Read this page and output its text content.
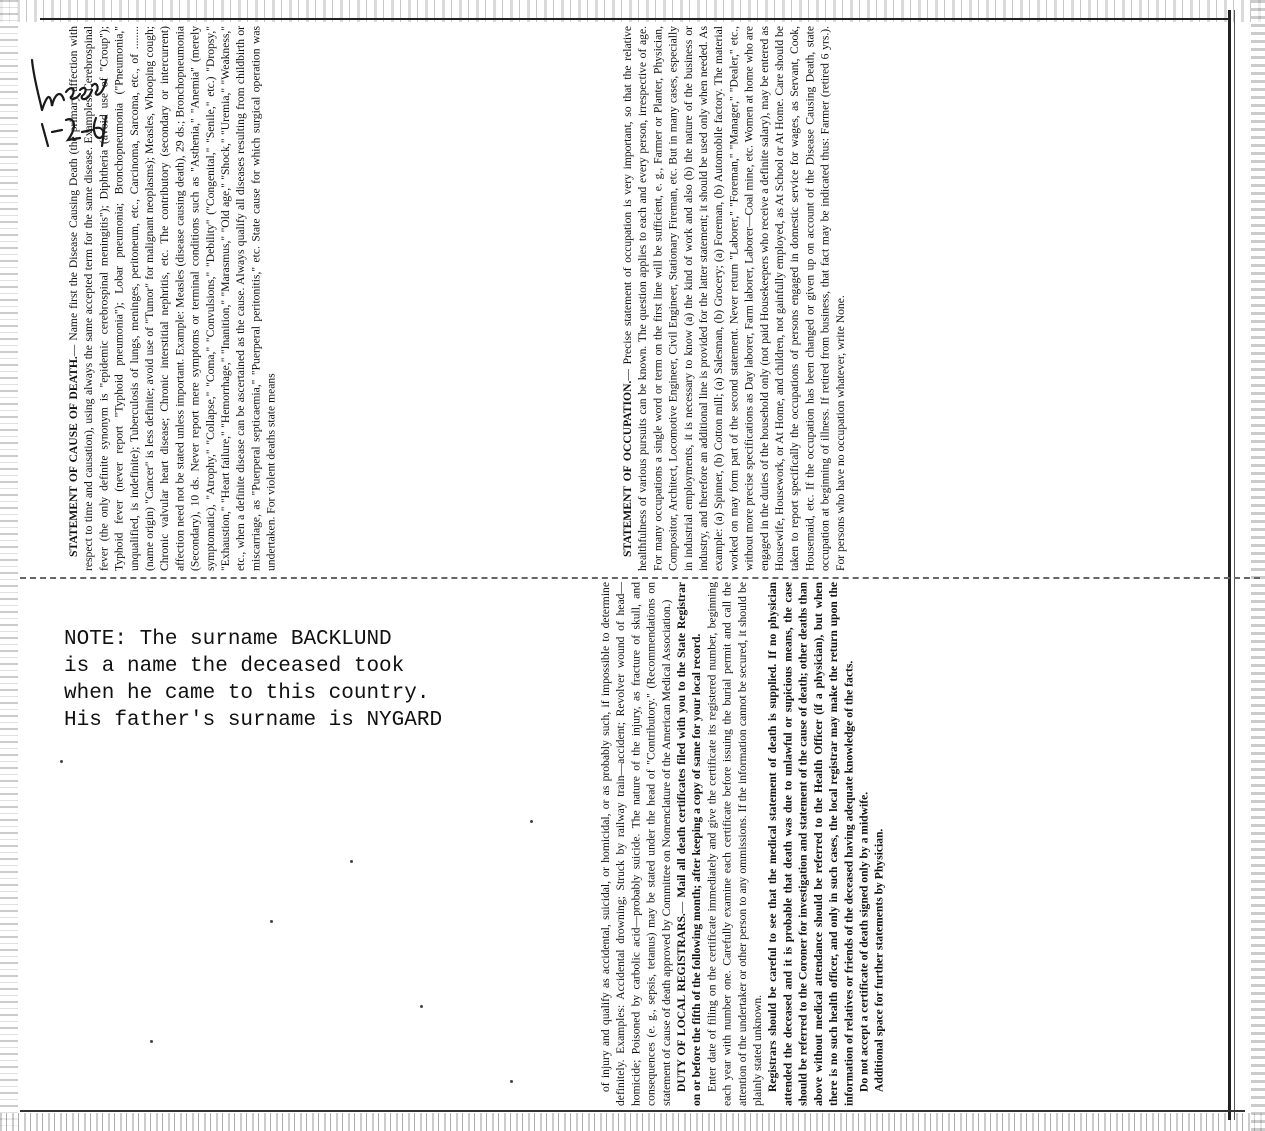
STATEMENT OF OCCUPATION.— Precise statement of occupation is very important, so that the relative healthfulness of various pursuits can be known. The question applies to each and every person, irrespective of age. For many occupations a single word or term on the first line will be sufficient, e. g., Farmer or Planter, Physician, Compositor, Architect, Locomotive Engineer, Civil Engineer, Stationary Fireman, etc. But in many cases, especially in industrial employments, it is necessary to know (a) the kind of work and also (b) the nature of the business or industry, and therefore an additional line is provided for the latter statement; it should be used only when needed. As example: (a) Spinner, (b) Cotton mill; (a) Salesman, (b) Grocery; (a) Foreman, (b) Automobile factory. The material worked on may form part of the second statement. Never return "Laborer," "Foreman," "Manager," "Dealer," etc., without more precise specifications as Day laborer, Farm laborer, Laborer—Coal mine, etc. Women at home who are engaged in the duties of the household only (not paid Housekeepers who receive a definite salary), may be entered as Housewife, Housework, or At Home, and children, not gainfully employed, as At School or At Home. Care should be taken to report specifically the occupations of persons engaged in domestic service for wages, as Servant, Cook, Housemaid, etc. If the occupation has been changed or given up on account of the Disease Causing Death, state occupation at beginning of illness. If retired from business, that fact may be indicated thus: Farmer (retired 6 yrs.). For persons who have no occupation whatever, write None.

STATEMENT OF CAUSE OF DEATH.— Name first the Disease Causing Death (the primary affection with respect to time and causation), using always the same accepted term for the same disease. Examples: Cerebrospinal fever (the only definite synonym is "epidemic cerebrospinal meningitis"); Diphtheria (avoid use of "Croup"); Typhoid fever (never report "Typhoid pneumonia"); Lobar pneumonia; Bronchopneumonia ("Pneumonia," unqualified, is indefinite); Tuberculosis of lungs, meninges, peritoneum, etc., Carcinoma, Sarcoma, etc., of ........ (name origin) "Cancer" is less definite; avoid use of "Tumor" for malignant neoplasms); Measles, Whooping cough; Chronic valvular heart disease; Chronic interstitial nephritis, etc. The contributory (secondary or intercurrent) affection need not be stated unless important. Example: Measles (disease causing death), 29 ds.; Bronchopneumonia (Secondary), 10 ds. Never report mere symptoms or terminal conditions such as "Asthenia," "Anemia" (merely symptomatic), "Atrophy," "Collapse," "Coma," "Convulsions," "Debility" ("Congenital," "Senile," etc.) "Dropsy," "Exhaustion," "Heart failure," "Hemorrhage," "Inanition," "Marasmus," "Old age," "Shock," "Uremia," "Weakness," etc., when a definite disease can be ascertained as the cause. Always qualify all diseases resulting from childbirth or miscarriage, as "Puerperal septicaemia," "Puerperal peritonitis," etc. State cause for which surgical operation was undertaken. For violent deaths state means

of injury and qualify as accidental, suicidal, or homicidal, or as probably such, if impossible to determine definitely. Examples: Accidental drowning; Struck by railway train—accident; Revolver wound of head—homicide; Poisoned by carbolic acid—probably suicide. The nature of the injury, as fracture of skull, and consequences (e. g., sepsis, tetanus) may be stated under the head of "Contributory." (Recommendations on statement of cause of death approved by Committee on Nomenclature of the American Medical Association.) DUTY OF LOCAL REGISTRARS.— Mail all death certificates filed with you to the State Registrar on or before the fifth of the following month; after keeping a copy of same for your local record. Enter date of filing on the certificate immediately and give the certificate its registered number, beginning each year with number one. Carefully examine each certificate before issuing the burial permit and call the attention of the undertaker or other person to any ommissions. If the information cannot be secured, it should be plainly stated unknown. Registrars should be careful to see that the medical statement of death is supplied. If no physician attended the deceased and it is probable that death was due to unlawful or supicious means, the case should be referred to the Coroner for investigation and statement of the cause of death; other deaths than above without medical attendance should be referred to the Health Officer (if a physician), but when there is no such health officer, and only in such cases, the local registrar may make the return upon the information of relatives or friends of the deceased having adequate knowledge of the facts. Do not accept a certificate of death signed only by a midwife. Additional space for further statements by Physician.

NOTE: The surname BACKLUND

is a name the deceased took

when he came to this country.

His father's surname is NYGARD
